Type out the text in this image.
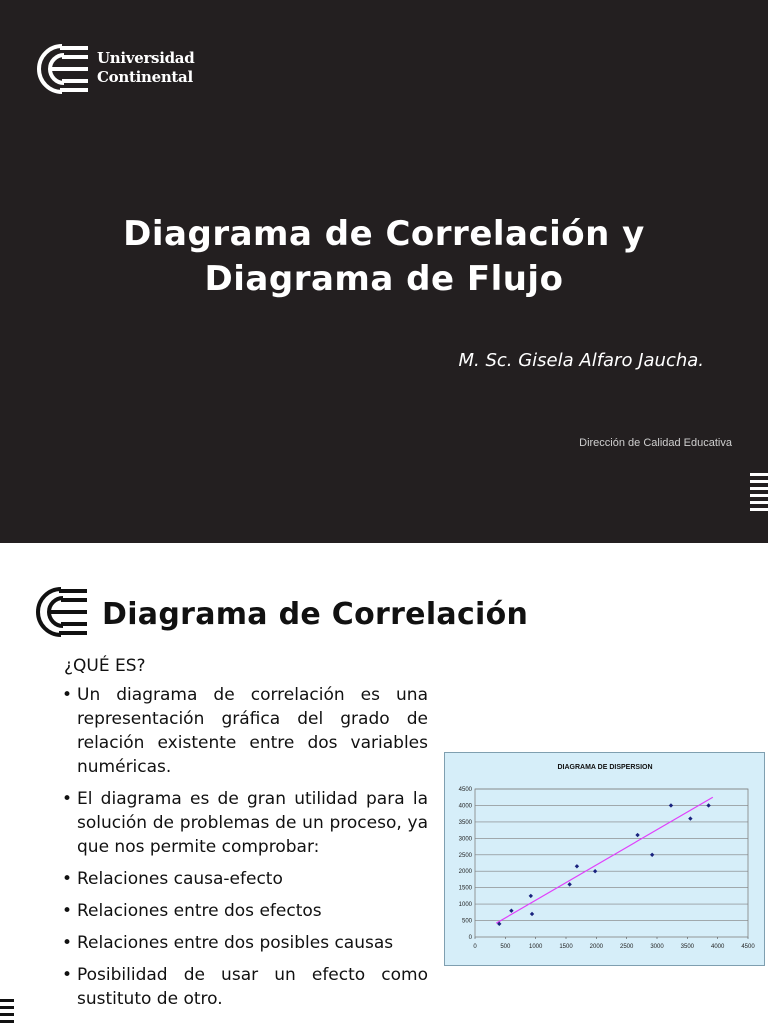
Universidad
Continental
Diagrama de Correlación y
Diagrama de Flujo
M. Sc. Gisela Alfaro Jaucha.
Dirección de Calidad Educativa
Diagrama de Correlación
¿QUÉ ES?
• Un diagrama de correlación es una representación gráfica del grado de relación existente entre dos variables numéricas.
• El diagrama es de gran utilidad para la solución de problemas de un proceso, ya que nos permite comprobar:
• Relaciones causa-efecto
• Relaciones entre dos efectos
• Relaciones entre dos posibles causas
• Posibilidad de usar un efecto como sustituto de otro.
DIAGRAMA DE DISPERSION
0
500
1000
1500
2000
2500
3000
3500
4000
4500
0	500	1000	1500	2000	2500	3000	3500	4000	4500
